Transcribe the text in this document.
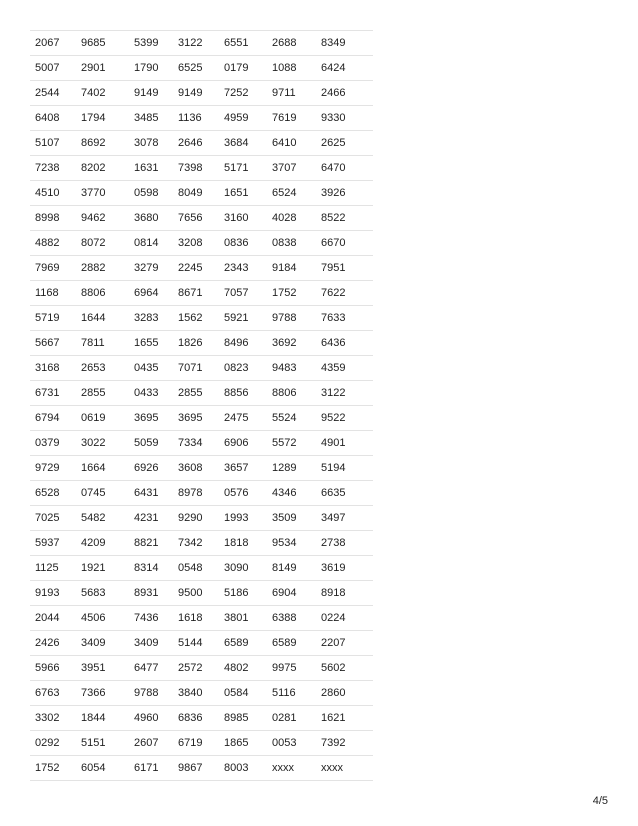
2067	9685	5399	3122	6551	2688	8349
5007	2901	1790	6525	0179	1088	6424
2544	7402	9149	9149	7252	9711	2466
6408	1794	3485	1136	4959	7619	9330
5107	8692	3078	2646	3684	6410	2625
7238	8202	1631	7398	5171	3707	6470
4510	3770	0598	8049	1651	6524	3926
8998	9462	3680	7656	3160	4028	8522
4882	8072	0814	3208	0836	0838	6670
7969	2882	3279	2245	2343	9184	7951
1168	8806	6964	8671	7057	1752	7622
5719	1644	3283	1562	5921	9788	7633
5667	7811	1655	1826	8496	3692	6436
3168	2653	0435	7071	0823	9483	4359
6731	2855	0433	2855	8856	8806	3122
6794	0619	3695	3695	2475	5524	9522
0379	3022	5059	7334	6906	5572	4901
9729	1664	6926	3608	3657	1289	5194
6528	0745	6431	8978	0576	4346	6635
7025	5482	4231	9290	1993	3509	3497
5937	4209	8821	7342	1818	9534	2738
1125	1921	8314	0548	3090	8149	3619
9193	5683	8931	9500	5186	6904	8918
2044	4506	7436	1618	3801	6388	0224
2426	3409	3409	5144	6589	6589	2207
5966	3951	6477	2572	4802	9975	5602
6763	7366	9788	3840	0584	5116	2860
3302	1844	4960	6836	8985	0281	1621
0292	5151	2607	6719	1865	0053	7392
1752	6054	6171	9867	8003	xxxx	xxxx
4/5
